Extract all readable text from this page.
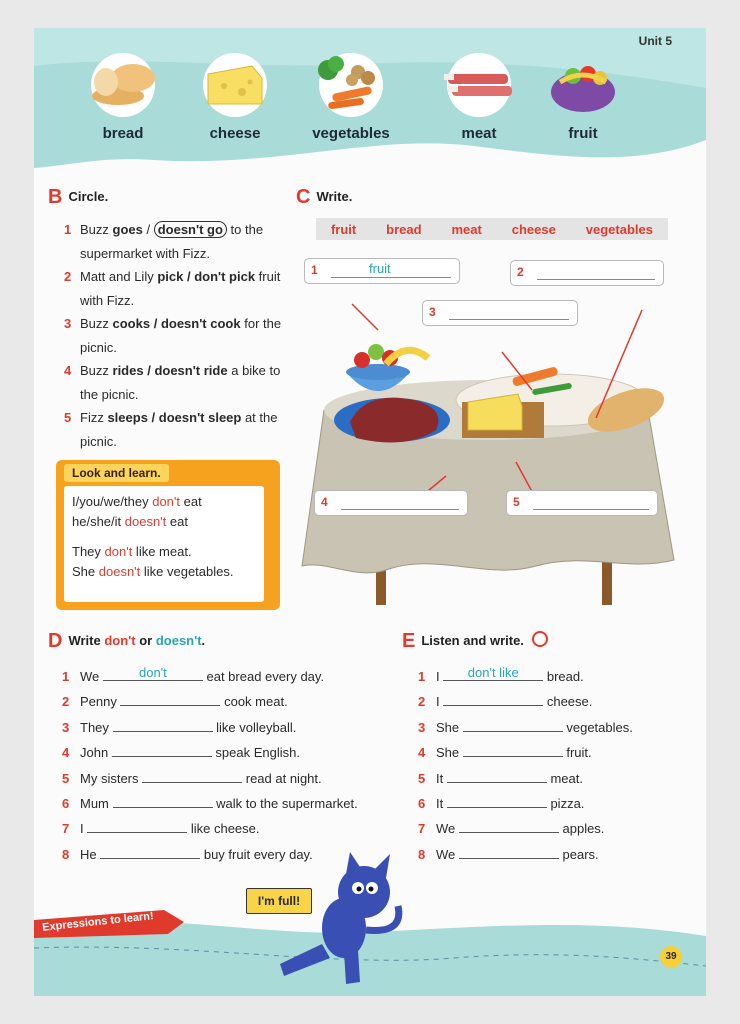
Unit 5
bread	cheese	vegetables	meat	fruit
B Circle.
1 Buzz goes / doesn't go to the supermarket with Fizz.
2 Matt and Lily pick / don't pick fruit with Fizz.
3 Buzz cooks / doesn't cook for the picnic.
4 Buzz rides / doesn't ride a bike to the picnic.
5 Fizz sleeps / doesn't sleep at the picnic.
Look and learn.
I/you/we/they don't eat
he/she/it doesn't eat
They don't like meat.
She doesn't like vegetables.
C Write.
fruit bread meat cheese vegetables
1	fruit	2
3
4	5
D Write don't or doesn't.
1 We	don't	eat bread every day.
2 Penny	cook meat.
3 They	like volleyball.
4 John	speak English.
5 My sisters	read at night.
6 Mum	walk to the supermarket.
7 I	like cheese.
8 He	buy fruit every day.
E Listen and write.
1 I	don't like	bread.
2 I	cheese.
3 She	vegetables.
4 She	fruit.
5 It	meat.
6 It	pizza.
7 We	apples.
8 We	pears.
Expressions to learn!
I'm full!
39
